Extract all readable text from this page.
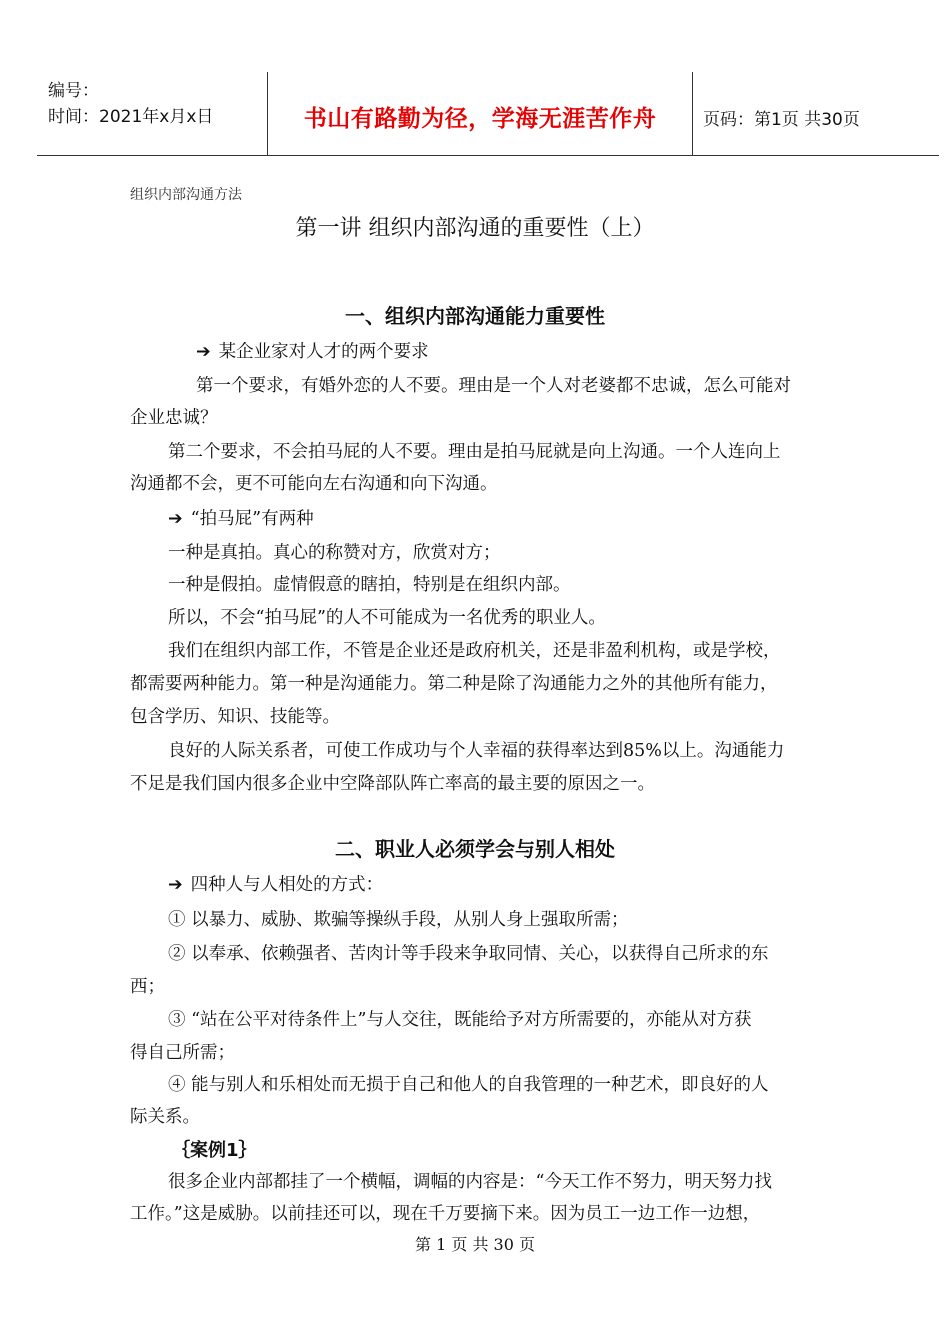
编号：
时间：2021年x月x日	书山有路勤为径，学海无涯苦作舟	页码：第1页 共30页
组织内部沟通方法
第一讲 组织内部沟通的重要性（上）
一、组织内部沟通能力重要性
➔ 某企业家对人才的两个要求
第一个要求，有婚外恋的人不要。理由是一个人对老婆都不忠诚，怎么可能对
企业忠诚？
第二个要求，不会拍马屁的人不要。理由是拍马屁就是向上沟通。一个人连向上
沟通都不会，更不可能向左右沟通和向下沟通。
➔ “拍马屁”有两种
一种是真拍。真心的称赞对方，欣赏对方；
一种是假拍。虚情假意的瞎拍，特别是在组织内部。
所以，不会“拍马屁”的人不可能成为一名优秀的职业人。
我们在组织内部工作，不管是企业还是政府机关，还是非盈利机构，或是学校，
都需要两种能力。第一种是沟通能力。第二种是除了沟通能力之外的其他所有能力，
包含学历、知识、技能等。
良好的人际关系者，可使工作成功与个人幸福的获得率达到85%以上。沟通能力
不足是我们国内很多企业中空降部队阵亡率高的最主要的原因之一。
二、职业人必须学会与别人相处
➔ 四种人与人相处的方式：
① 以暴力、威胁、欺骗等操纵手段，从别人身上强取所需；
② 以奉承、依赖强者、苦肉计等手段来争取同情、关心，以获得自己所求的东
西；
③ “站在公平对待条件上”与人交往，既能给予对方所需要的，亦能从对方获
得自己所需；
④ 能与别人和乐相处而无损于自己和他人的自我管理的一种艺术，即良好的人
际关系。
｛案例1｝
很多企业内部都挂了一个横幅，调幅的内容是：“今天工作不努力，明天努力找
工作。”这是威胁。以前挂还可以，现在千万要摘下来。因为员工一边工作一边想，
第 1 页 共 30 页
